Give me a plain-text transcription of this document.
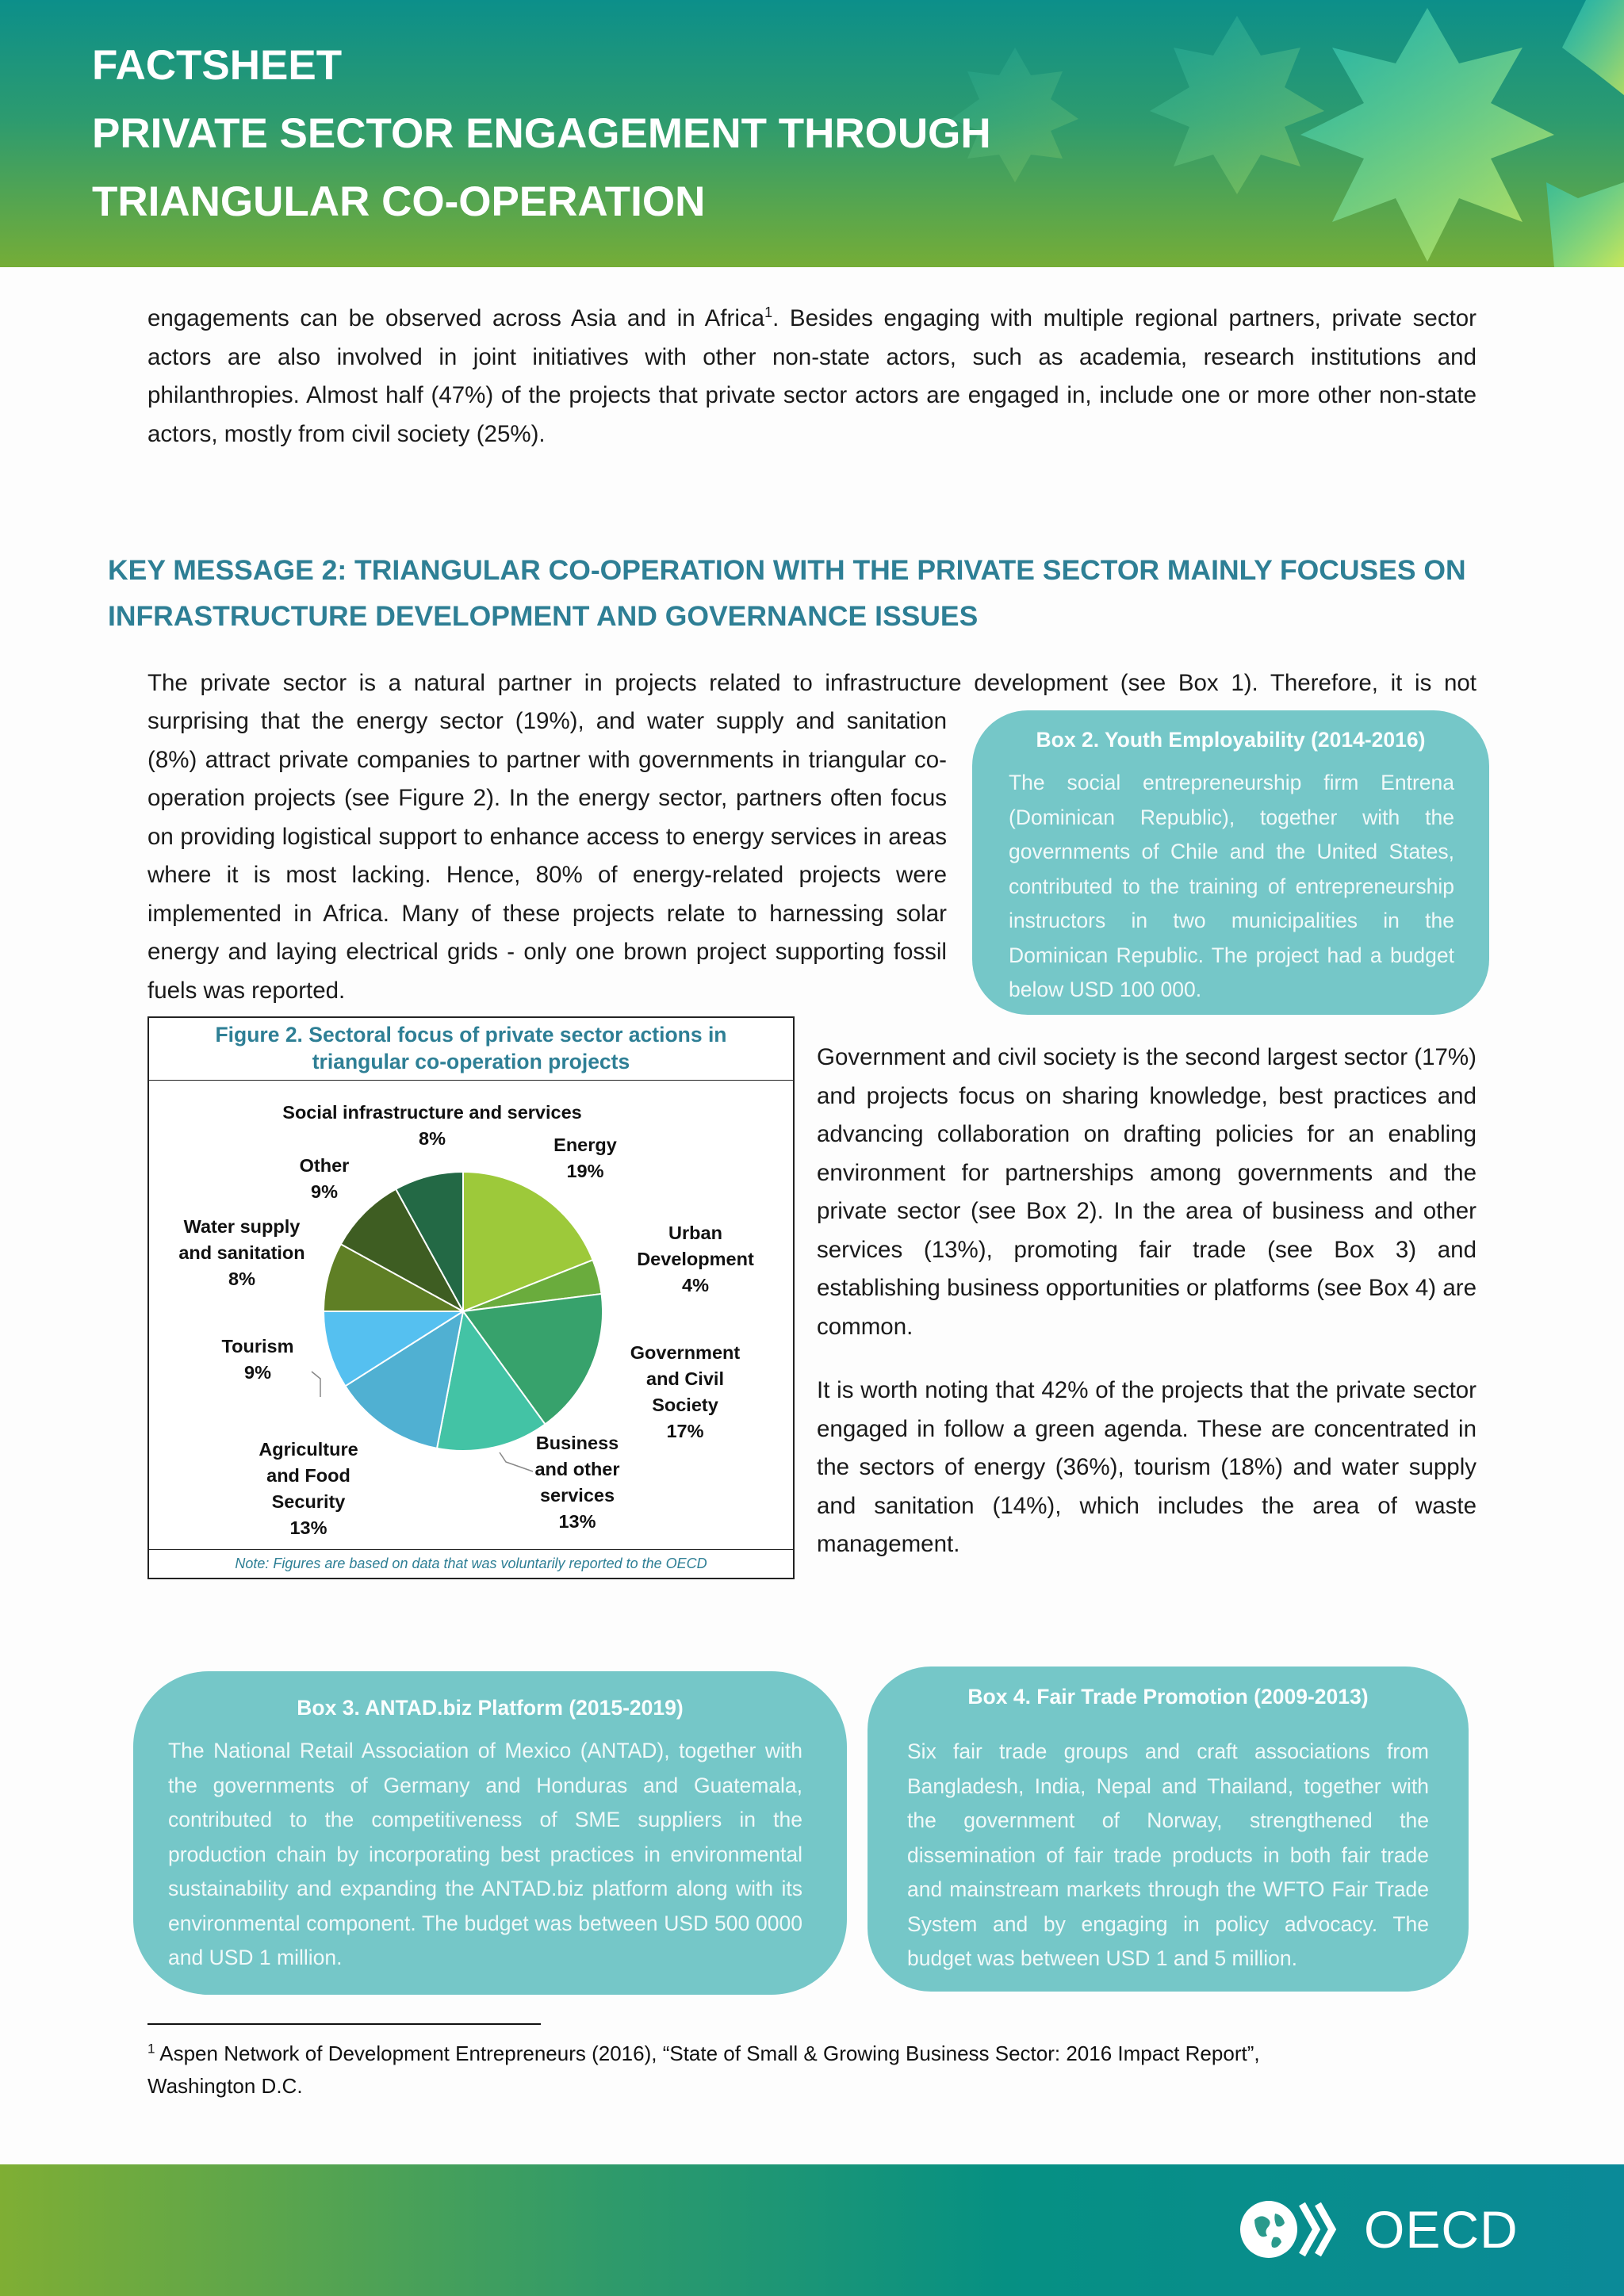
FACTSHEET
PRIVATE SECTOR ENGAGEMENT THROUGH
TRIANGULAR CO-OPERATION
engagements can be observed across Asia and in Africa$^1$. Besides engaging with multiple regional partners, private sector actors are also involved in joint initiatives with other non-state actors, such as academia, research institutions and philanthropies. Almost half (47%) of the projects that private sector actors are engaged in, include one or more other non-state actors, mostly from civil society (25%).
KEY MESSAGE 2: TRIANGULAR CO-OPERATION WITH THE PRIVATE SECTOR MAINLY FOCUSES ON
INFRASTRUCTURE DEVELOPMENT AND GOVERNANCE ISSUES
The private sector is a natural partner in projects related to infrastructure development (see Box 1). Therefore, it is not
surprising that the energy sector (19%), and water supply and sanitation (8%) attract private companies to partner with governments in triangular co-operation projects (see Figure 2). In the energy sector, partners often focus on providing logistical support to enhance access to energy services in areas where it is most lacking. Hence, 80% of energy-related projects were implemented in Africa. Many of these projects relate to harnessing solar energy and laying electrical grids - only one brown project supporting fossil fuels was reported.
Government and civil society is the second largest sector (17%) and projects focus on sharing knowledge, best practices and advancing collaboration on drafting policies for an enabling environment for partnerships among governments and the private sector (see Box 2). In the area of business and other services (13%), promoting fair trade (see Box 3) and establishing business opportunities or platforms (see Box 4) are common.
It is worth noting that 42% of the projects that the private sector engaged in follow a green agenda. These are concentrated in the sectors of energy (36%), tourism (18%) and water supply and sanitation (14%), which includes the area of waste management.
Box 2. Youth Employability (2014-2016)
The social entrepreneurship firm Entrena (Dominican Republic), together with the governments of Chile and the United States, contributed to the training of entrepreneurship instructors in two municipalities in the Dominican Republic. The project had a budget below USD 100 000.
Figure 2. Sectoral focus of private sector actions in
triangular co-operation projects
Social infrastructure and services
8%	Energy
19%
Other
9%
Urban
Development
4%
Water supply
and sanitation
8%
Tourism
9%
Government
and Civil
Society
17%
Business
and other
services
13%
Agriculture
and Food
Security
13%
Note: Figures are based on data that was voluntarily reported to the OECD
Box 3. ANTAD.biz Platform (2015-2019)
The National Retail Association of Mexico (ANTAD), together with the governments of Germany and Honduras and Guatemala, contributed to the competitiveness of SME suppliers in the production chain by incorporating best practices in environmental sustainability and expanding the ANTAD.biz platform along with its environmental component. The budget was between USD 500 0000 and USD 1 million.
Box 4. Fair Trade Promotion (2009-2013)
Six fair trade groups and craft associations from Bangladesh, India, Nepal and Thailand, together with the government of Norway, strengthened the dissemination of fair trade products in both fair trade and mainstream markets through the WFTO Fair Trade System and by engaging in policy advocacy. The budget was between USD 1 and 5 million.
$^1$ Aspen Network of Development Entrepreneurs (2016), “State of Small & Growing Business Sector: 2016 Impact Report”,
Washington D.C.
OECD
